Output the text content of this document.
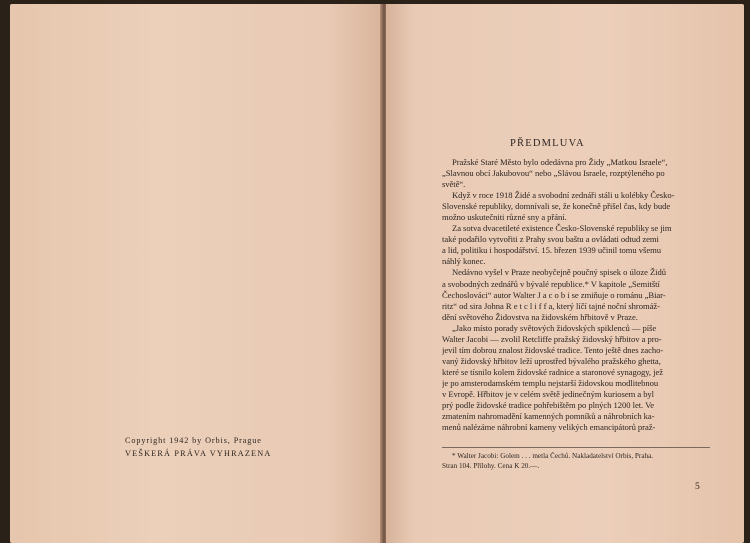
Copyright 1942 by Orbis, Prague
VEŠKERÁ PRÁVA VYHRAZENA
PŘEDMLUVA
Pražské Staré Město bylo odedávna pro Židy „Matkou Israele“,
„Slavnou obcí Jakubovou“ nebo „Slávou Israele, rozptýleného po
světě“.
Když v roce 1918 Židé a svobodní zednáři stáli u kolébky Česko-
Slovenské republiky, domnívali se, že konečně přišel čas, kdy bude
možno uskutečniti různé sny a přání.
Za sotva dvacetileté existence Česko-Slovenské republiky se jim
také podařilo vytvořiti z Prahy svou baštu a ovládati odtud zemi
a lid, politiku i hospodářství. 15. březen 1939 učinil tomu všemu
náhlý konec.
Nedávno vyšel v Praze neobyčejně poučný spisek o úloze Židů
a svobodných zednářů v bývalé republice.* V kapitole „Semitští
Čechoslováci“ autor Walter J a c o b i se zmiňuje o románu „Biar-
ritz“ od sira Johna R e t c l i f f a, který líčí tajné noční shromáž-
dění světového Židovstva na židovském hřbitově v Praze.
„Jako místo porady světových židovských spiklenců — píše
Walter Jacobi — zvolil Retcliffe pražský židovský hřbitov a pro-
jevil tím dobrou znalost židovské tradice. Tento ještě dnes zacho-
vaný židovský hřbitov leží uprostřed bývalého pražského ghetta,
které se tísnilo kolem židovské radnice a staronové synagogy, jež
je po amsterodamském templu nejstarší židovskou modlitebnou
v Evropě. Hřbitov je v celém světě jedinečným kuriosem a byl
prý podle židovské tradice pohřebištěm po plných 1200 let. Ve
zmatením nahromadění kamenných pomníků a náhrobních ka-
menů nalézáme náhrobní kameny velikých emancipátorů praž-
* Walter Jacobi: Golem . . . metla Čechů. Nakladatelství Orbis, Praha.
Stran 104. Přílohy. Cena K 20.—.
5
